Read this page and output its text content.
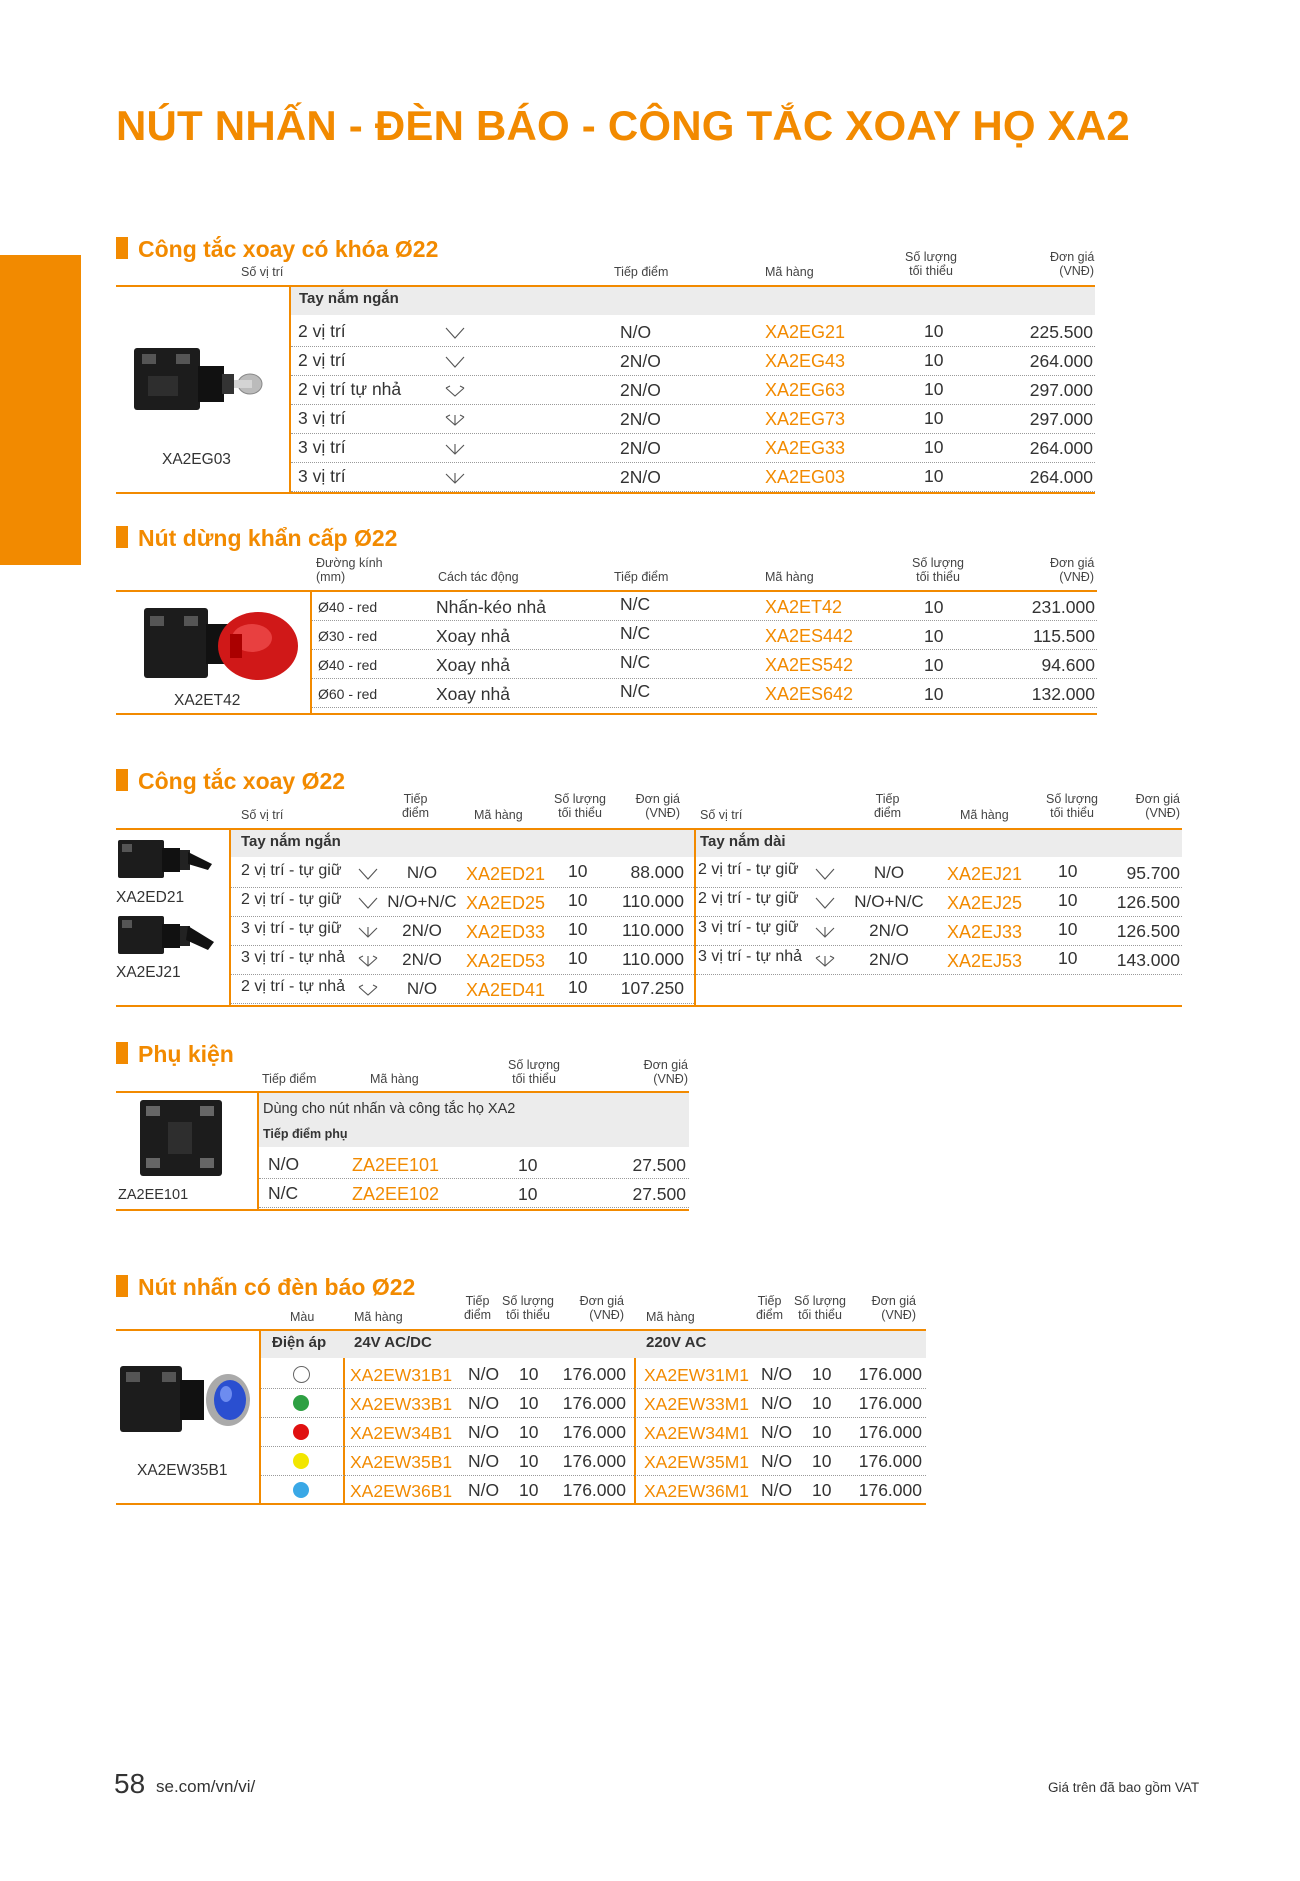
NÚT NHẤN - ĐÈN BÁO - CÔNG TẮC XOAY HỌ XA2
Công tắc xoay có khóa Ø22
Số vị trí	Tiếp điểm	Mã hàng
Số lượng
tối thiểu
Đơn giá
(VNĐ)
Tay nắm ngắn
XA2EG03
2 vị trí	N/O	XA2EG21	10	225.500
2 vị trí	2N/O	XA2EG43	10	264.000
2 vị trí tự nhả	2N/O	XA2EG63	10	297.000
3 vị trí	2N/O	XA2EG73	10	297.000
3 vị trí	2N/O	XA2EG33	10	264.000
3 vị trí	2N/O	XA2EG03	10	264.000
Nút dừng khẩn cấp Ø22
Đường kính
(mm)	Cách tác động	Tiếp điểm	Mã hàng
Số lượng
tối thiểu
Đơn giá
(VNĐ)
XA2ET42
Ø40 - red	Nhấn-kéo nhả	N/C	XA2ET42	10	231.000
Ø30 - red	Xoay nhả	N/C	XA2ES442	10	115.500
Ø40 - red	Xoay nhả	N/C	XA2ES542	10	94.600
Ø60 - red	Xoay nhả	N/C	XA2ES642	10	132.000
Công tắc xoay Ø22
Số vị trí
Tiếp
điểm	Mã hàng
Số lượng
tối thiểu
Đơn giá
(VNĐ) Số vị trí
Tiếp
điểm	Mã hàng
Số lượng
tối thiểu
Đơn giá
(VNĐ)
Tay nắm ngắn	Tay nắm dài
XA2ED21
XA2EJ21
2 vị trí - tự giữ	N/O	XA2ED21 10	88.000
2 vị trí - tự giữ	N/O+N/C XA2ED25 10	110.000
3 vị trí - tự giữ	2N/O	XA2ED33 10	110.000
3 vị trí - tự nhả	2N/O	XA2ED53 10	110.000
2 vị trí - tự nhả	N/O	XA2ED41 10	107.250
2 vị trí - tự giữ	N/O	XA2EJ21 10	95.700
2 vị trí - tự giữ	N/O+N/C XA2EJ25 10	126.500
3 vị trí - tự giữ	2N/O	XA2EJ33 10	126.500
3 vị trí - tự nhả	2N/O	XA2EJ53 10	143.000
Phụ kiện
Tiếp điểm	Mã hàng
Số lượng
tối thiểu
Đơn giá
(VNĐ)
Dùng cho nút nhấn và công tắc họ XA2
Tiếp điểm phụ
ZA2EE101
N/O	ZA2EE101	10	27.500
N/C	ZA2EE102	10	27.500
Nút nhấn có đèn báo Ø22
Màu	Mã hàng
Tiếp
điểm
Số lượng
tối thiểu
Đơn giá
(VNĐ) Mã hàng
Tiếp
điểm
Số lượng
tối thiểu
Đơn giá
(VNĐ)
Điện áp 24V AC/DC	220V AC
XA2EW35B1
XA2EW31B1 N/O 10	176.000 XA2EW31M1 N/O 10	176.000
XA2EW33B1 N/O 10	176.000 XA2EW33M1 N/O 10	176.000
XA2EW34B1 N/O 10	176.000 XA2EW34M1 N/O 10	176.000
XA2EW35B1 N/O 10	176.000 XA2EW35M1 N/O 10	176.000
XA2EW36B1 N/O 10	176.000 XA2EW36M1 N/O 10	176.000
58 se.com/vn/vi/	Giá trên đã bao gồm VAT
